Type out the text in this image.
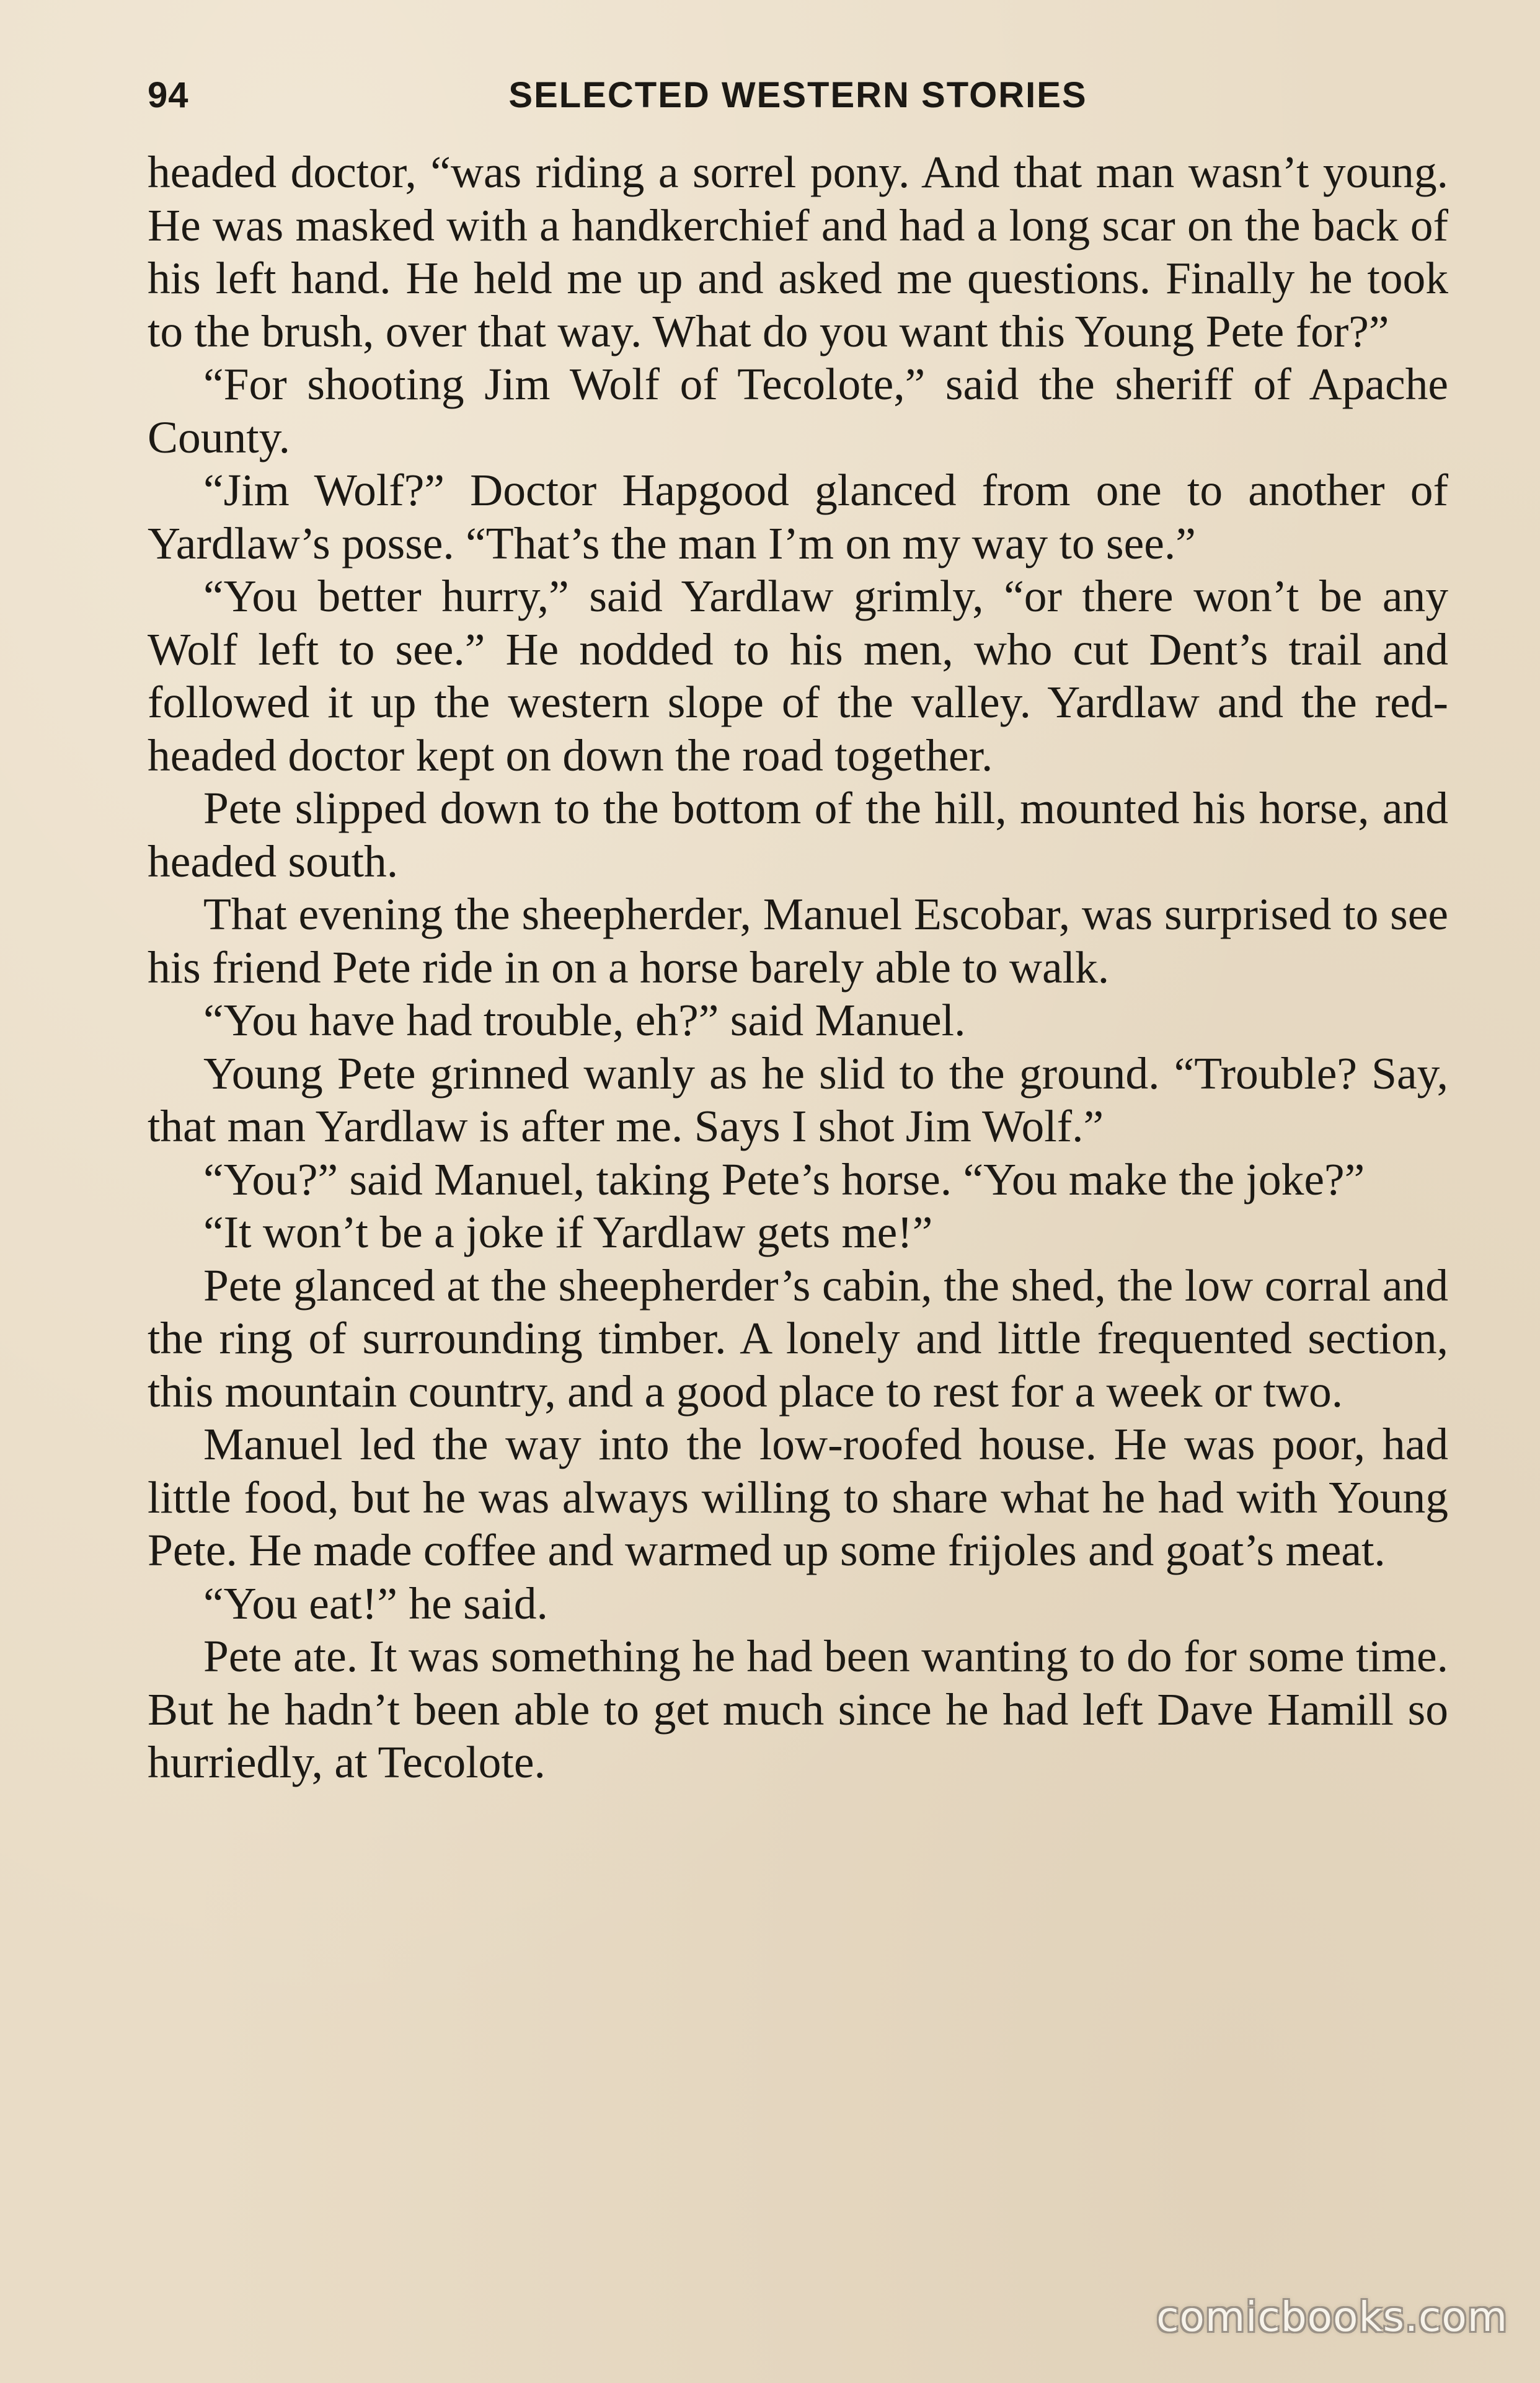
94	SELECTED WESTERN STORIES

headed doctor, “was riding a sorrel pony. And that man wasn’t young. He was masked with a handkerchief and had a long scar on the back of his left hand. He held me up and asked me questions. Finally he took to the brush, over that way. What do you want this Young Pete for?”

“For shooting Jim Wolf of Tecolote,” said the sheriff of Apache County.

“Jim Wolf?” Doctor Hapgood glanced from one to another of Yardlaw’s posse. “That’s the man I’m on my way to see.”

“You better hurry,” said Yardlaw grimly, “or there won’t be any Wolf left to see.” He nodded to his men, who cut Dent’s trail and followed it up the western slope of the valley. Yardlaw and the red-headed doctor kept on down the road together.

Pete slipped down to the bottom of the hill, mounted his horse, and headed south.

That evening the sheepherder, Manuel Escobar, was surprised to see his friend Pete ride in on a horse barely able to walk.

“You have had trouble, eh?” said Manuel.

Young Pete grinned wanly as he slid to the ground. “Trouble? Say, that man Yardlaw is after me. Says I shot Jim Wolf.”

“You?” said Manuel, taking Pete’s horse. “You make the joke?”

“It won’t be a joke if Yardlaw gets me!”

Pete glanced at the sheepherder’s cabin, the shed, the low corral and the ring of surrounding timber. A lonely and little frequented section, this mountain country, and a good place to rest for a week or two.

Manuel led the way into the low-roofed house. He was poor, had little food, but he was always willing to share what he had with Young Pete. He made coffee and warmed up some frijoles and goat’s meat.

“You eat!” he said.

Pete ate. It was something he had been wanting to do for some time. But he hadn’t been able to get much since he had left Dave Hamill so hurriedly, at Tecolote.

comicbooks.com
